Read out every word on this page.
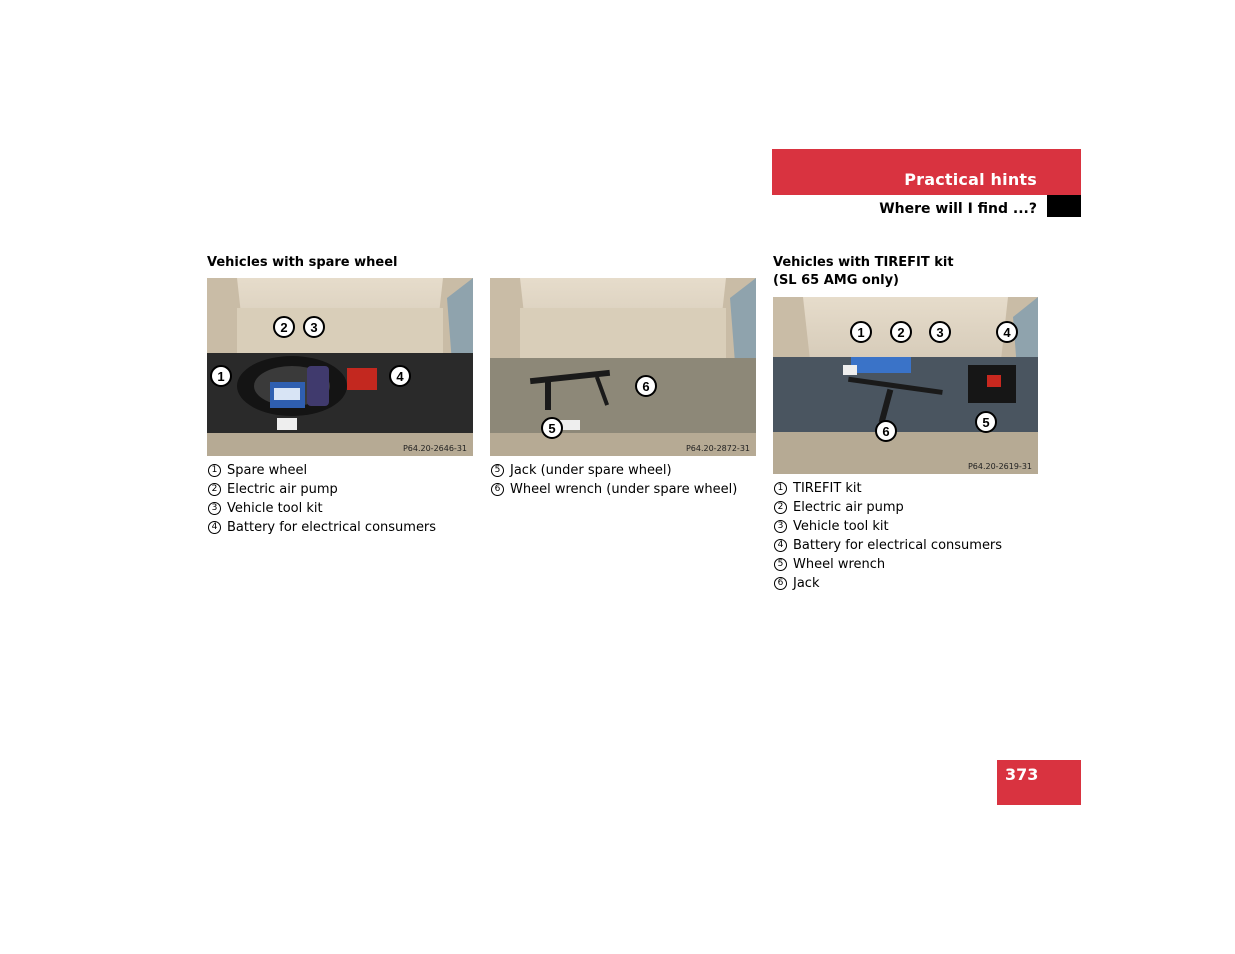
Practical hints
Where will I find ...?
Vehicles with spare wheel
1
2	3
4
P64.20-2646-31
1 Spare wheel
2 Electric air pump
3 Vehicle tool kit
4 Battery for electrical consumers
5
6
P64.20-2872-31
5 Jack (under spare wheel)
6 Wheel wrench (under spare wheel)
Vehicles with TIREFIT kit
(SL 65 AMG only)
1	2	3	4
5
6
P64.20-2619-31
1 TIREFIT kit
2 Electric air pump
3 Vehicle tool kit
4 Battery for electrical consumers
5 Wheel wrench
6 Jack
373
